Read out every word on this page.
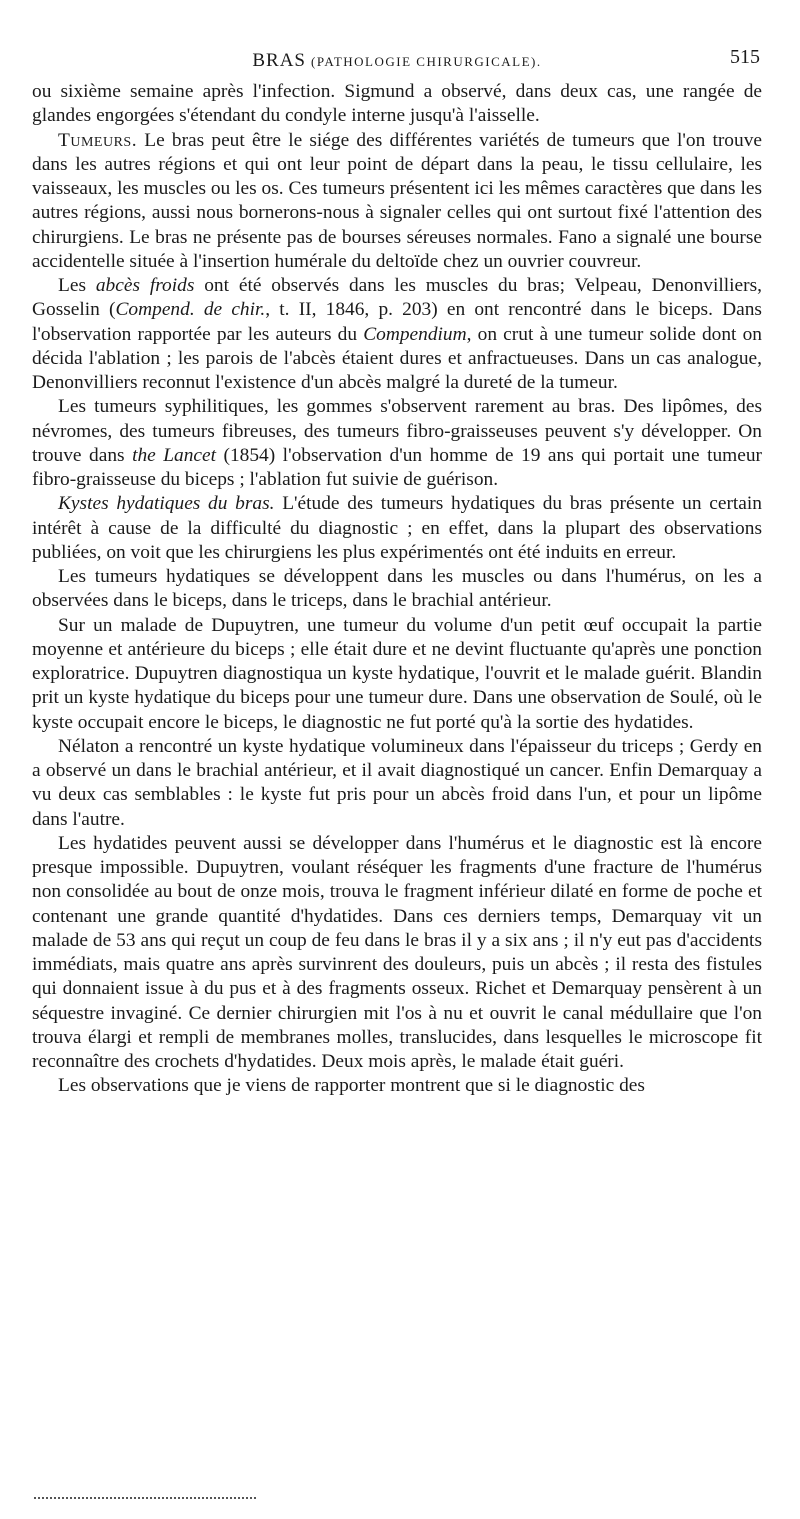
BRAS (PATHOLOGIE CHIRURGICALE).	515

ou sixième semaine après l'infection. Sigmund a observé, dans deux cas, une rangée de glandes engorgées s'étendant du condyle interne jusqu'à l'aisselle.

Tumeurs. Le bras peut être le siége des différentes variétés de tumeurs que l'on trouve dans les autres régions et qui ont leur point de départ dans la peau, le tissu cellulaire, les vaisseaux, les muscles ou les os. Ces tumeurs présentent ici les mêmes caractères que dans les autres régions, aussi nous bornerons-nous à signaler celles qui ont surtout fixé l'attention des chirurgiens. Le bras ne présente pas de bourses séreuses normales. Fano a signalé une bourse accidentelle située à l'insertion humérale du deltoïde chez un ouvrier couvreur.

Les abcès froids ont été observés dans les muscles du bras; Velpeau, Denonvilliers, Gosselin (Compend. de chir., t. II, 1846, p. 203) en ont rencontré dans le biceps. Dans l'observation rapportée par les auteurs du Compendium, on crut à une tumeur solide dont on décida l'ablation ; les parois de l'abcès étaient dures et anfractueuses. Dans un cas analogue, Denonvilliers reconnut l'existence d'un abcès malgré la dureté de la tumeur.

Les tumeurs syphilitiques, les gommes s'observent rarement au bras. Des lipômes, des névromes, des tumeurs fibreuses, des tumeurs fibro-graisseuses peuvent s'y développer. On trouve dans the Lancet (1854) l'observation d'un homme de 19 ans qui portait une tumeur fibro-graisseuse du biceps ; l'ablation fut suivie de guérison.

Kystes hydatiques du bras. L'étude des tumeurs hydatiques du bras présente un certain intérêt à cause de la difficulté du diagnostic ; en effet, dans la plupart des observations publiées, on voit que les chirurgiens les plus expérimentés ont été induits en erreur.

Les tumeurs hydatiques se développent dans les muscles ou dans l'humérus, on les a observées dans le biceps, dans le triceps, dans le brachial antérieur.

Sur un malade de Dupuytren, une tumeur du volume d'un petit œuf occupait la partie moyenne et antérieure du biceps ; elle était dure et ne devint fluctuante qu'après une ponction exploratrice. Dupuytren diagnostiqua un kyste hydatique, l'ouvrit et le malade guérit. Blandin prit un kyste hydatique du biceps pour une tumeur dure. Dans une observation de Soulé, où le kyste occupait encore le biceps, le diagnostic ne fut porté qu'à la sortie des hydatides.

Nélaton a rencontré un kyste hydatique volumineux dans l'épaisseur du triceps ; Gerdy en a observé un dans le brachial antérieur, et il avait diagnostiqué un cancer. Enfin Demarquay a vu deux cas semblables : le kyste fut pris pour un abcès froid dans l'un, et pour un lipôme dans l'autre.

Les hydatides peuvent aussi se développer dans l'humérus et le diagnostic est là encore presque impossible. Dupuytren, voulant réséquer les fragments d'une fracture de l'humérus non consolidée au bout de onze mois, trouva le fragment inférieur dilaté en forme de poche et contenant une grande quantité d'hydatides. Dans ces derniers temps, Demarquay vit un malade de 53 ans qui reçut un coup de feu dans le bras il y a six ans ; il n'y eut pas d'accidents immédiats, mais quatre ans après survinrent des douleurs, puis un abcès ; il resta des fistules qui donnaient issue à du pus et à des fragments osseux. Richet et Demarquay pensèrent à un séquestre invaginé. Ce dernier chirurgien mit l'os à nu et ouvrit le canal médullaire que l'on trouva élargi et rempli de membranes molles, translucides, dans lesquelles le microscope fit reconnaître des crochets d'hydatides. Deux mois après, le malade était guéri.

Les observations que je viens de rapporter montrent que si le diagnostic des
